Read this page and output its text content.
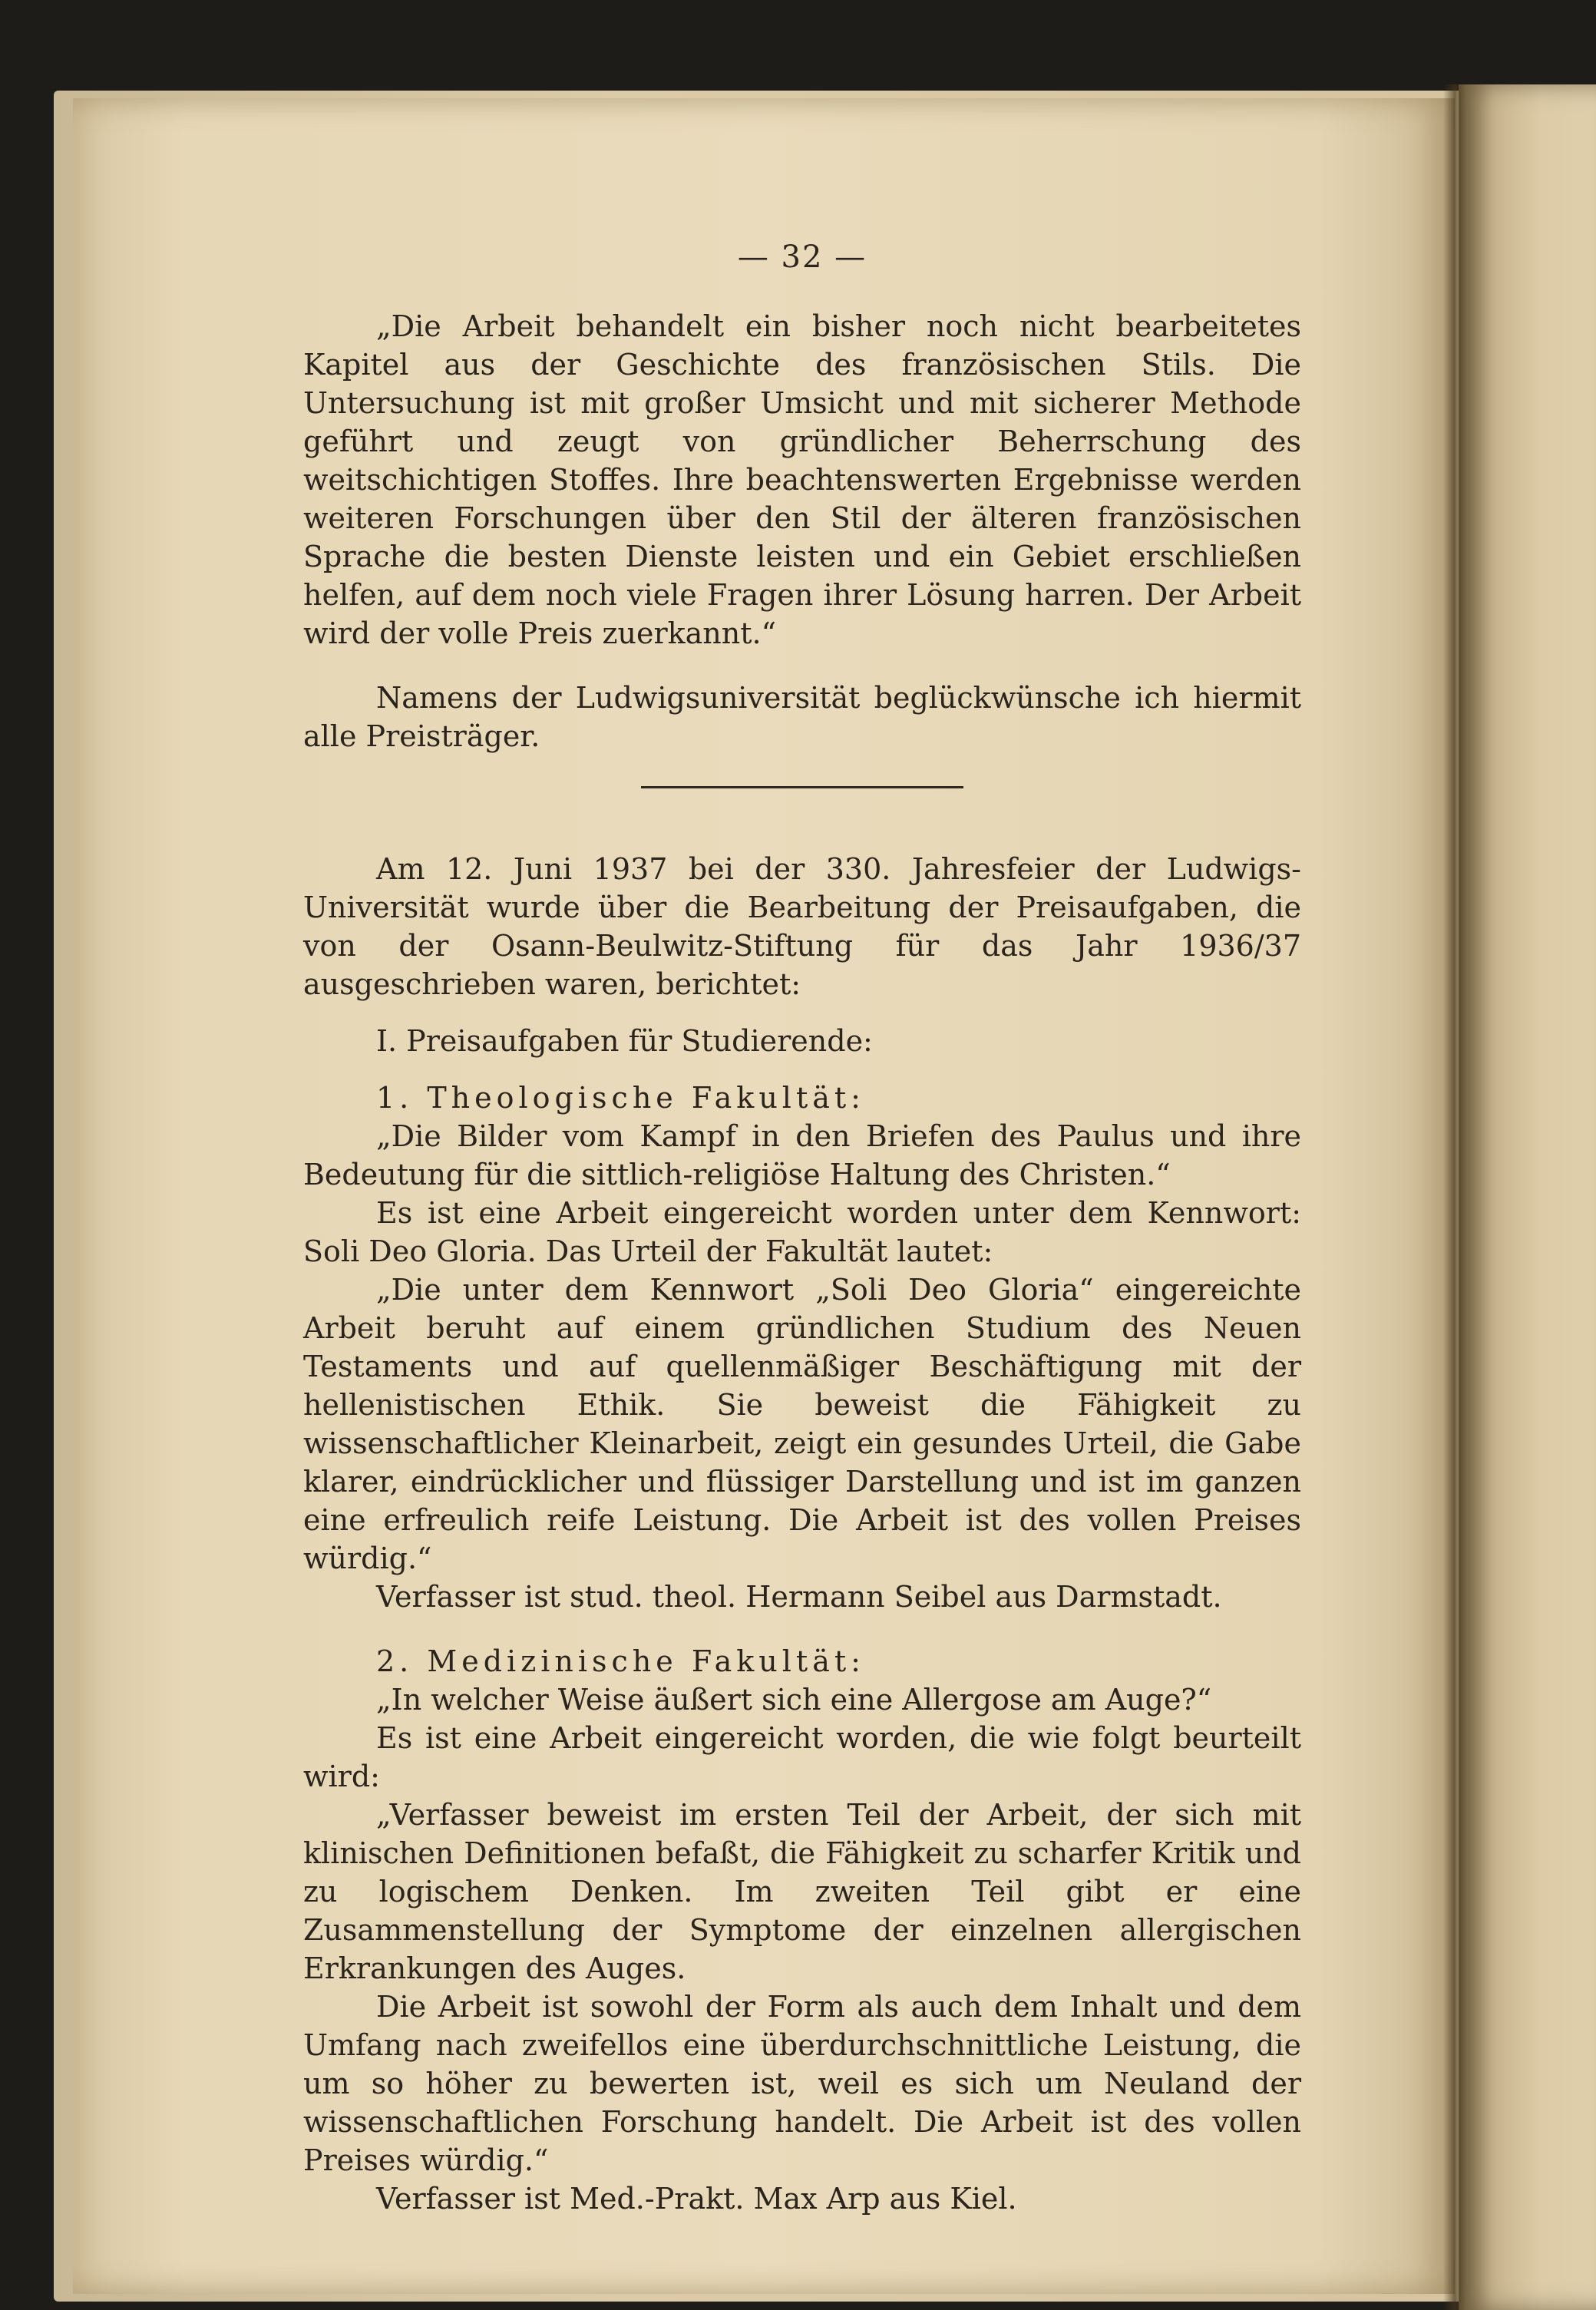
— 32 —

„Die Arbeit behandelt ein bisher noch nicht bearbeitetes Kapitel aus der Geschichte des französischen Stils. Die Untersuchung ist mit großer Umsicht und mit sicherer Methode geführt und zeugt von gründlicher Beherrschung des weitschichtigen Stoffes. Ihre beachtenswerten Ergebnisse werden weiteren Forschungen über den Stil der älteren französischen Sprache die besten Dienste leisten und ein Gebiet erschließen helfen, auf dem noch viele Fragen ihrer Lösung harren. Der Arbeit wird der volle Preis zuerkannt.“

Namens der Ludwigsuniversität beglückwünsche ich hiermit alle Preisträger.

Am 12. Juni 1937 bei der 330. Jahresfeier der Ludwigs-Universität wurde über die Bearbeitung der Preisaufgaben, die von der Osann-Beulwitz-Stiftung für das Jahr 1936/37 ausgeschrieben waren, berichtet:

I. Preisaufgaben für Studierende:

1. Theologische Fakultät:

„Die Bilder vom Kampf in den Briefen des Paulus und ihre Bedeutung für die sittlich-religiöse Haltung des Christen.“

Es ist eine Arbeit eingereicht worden unter dem Kennwort: Soli Deo Gloria. Das Urteil der Fakultät lautet:

„Die unter dem Kennwort „Soli Deo Gloria“ eingereichte Arbeit beruht auf einem gründlichen Studium des Neuen Testaments und auf quellenmäßiger Beschäftigung mit der hellenistischen Ethik. Sie beweist die Fähigkeit zu wissenschaftlicher Kleinarbeit, zeigt ein gesundes Urteil, die Gabe klarer, eindrücklicher und flüssiger Darstellung und ist im ganzen eine erfreulich reife Leistung. Die Arbeit ist des vollen Preises würdig.“

Verfasser ist stud. theol. Hermann Seibel aus Darmstadt.

2. Medizinische Fakultät:

„In welcher Weise äußert sich eine Allergose am Auge?“

Es ist eine Arbeit eingereicht worden, die wie folgt beurteilt wird:

„Verfasser beweist im ersten Teil der Arbeit, der sich mit klinischen Definitionen befaßt, die Fähigkeit zu scharfer Kritik und zu logischem Denken. Im zweiten Teil gibt er eine Zusammenstellung der Symptome der einzelnen allergischen Erkrankungen des Auges.

Die Arbeit ist sowohl der Form als auch dem Inhalt und dem Umfang nach zweifellos eine überdurchschnittliche Leistung, die um so höher zu bewerten ist, weil es sich um Neuland der wissenschaftlichen Forschung handelt. Die Arbeit ist des vollen Preises würdig.“

Verfasser ist Med.-Prakt. Max Arp aus Kiel.
